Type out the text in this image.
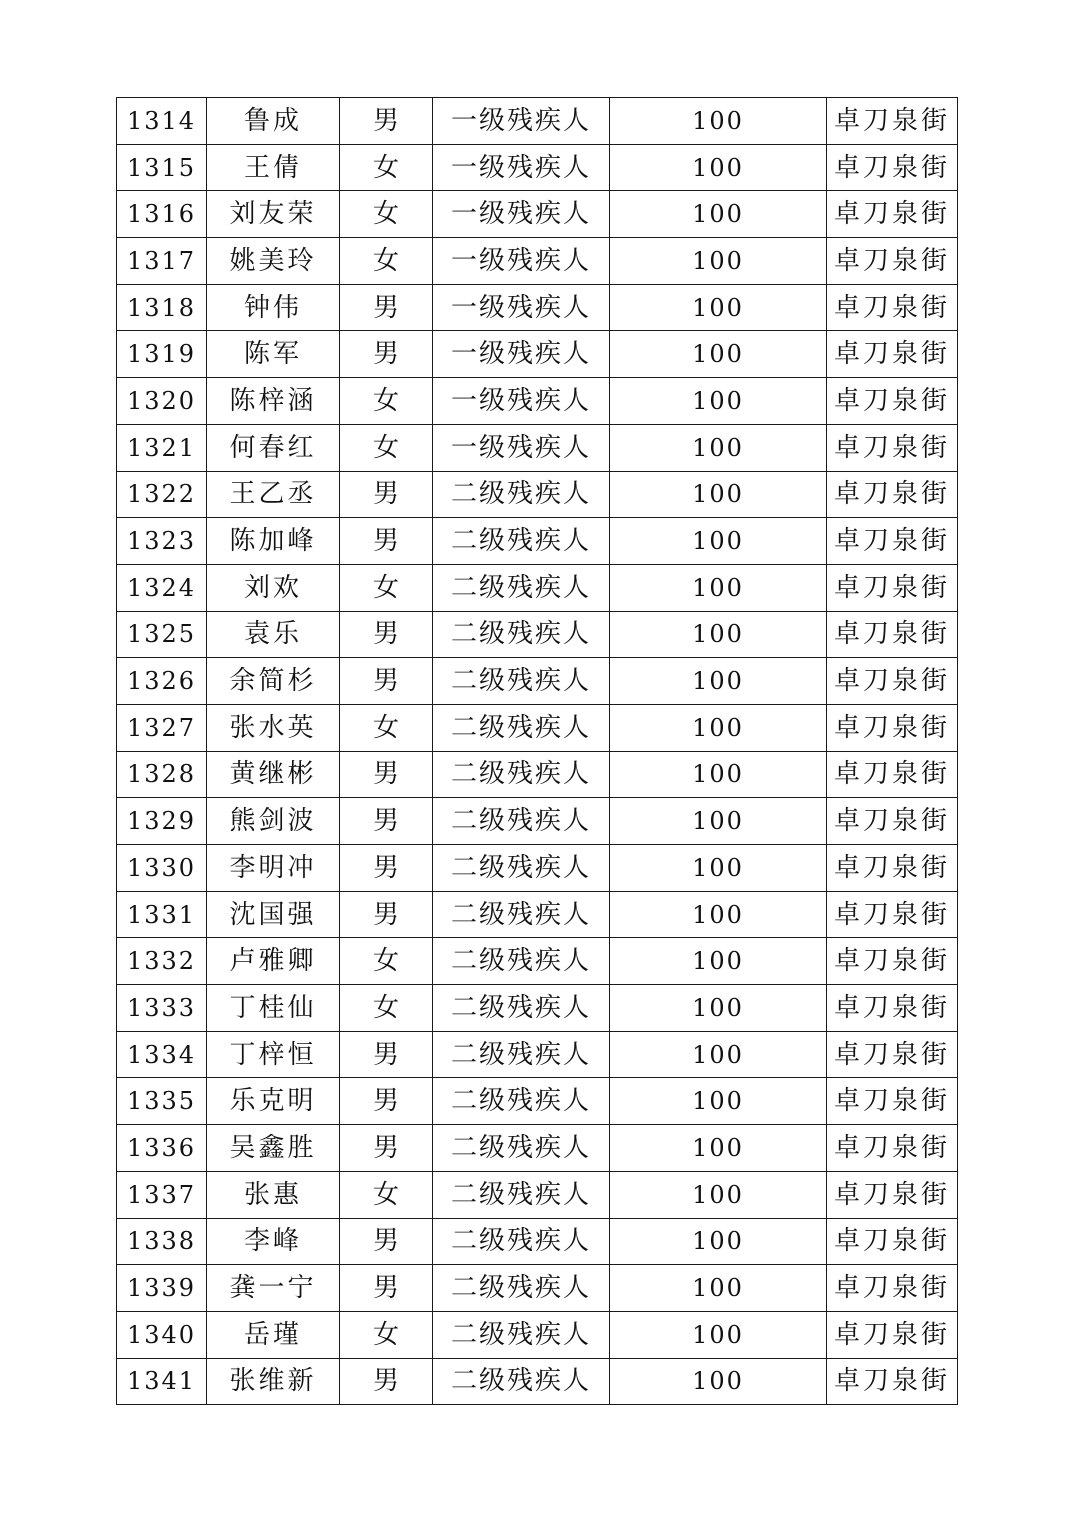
1314	鲁成	男	一级残疾人	100	卓刀泉街
1315	王倩	女	一级残疾人	100	卓刀泉街
1316	刘友荣	女	一级残疾人	100	卓刀泉街
1317	姚美玲	女	一级残疾人	100	卓刀泉街
1318	钟伟	男	一级残疾人	100	卓刀泉街
1319	陈军	男	一级残疾人	100	卓刀泉街
1320	陈梓涵	女	一级残疾人	100	卓刀泉街
1321	何春红	女	一级残疾人	100	卓刀泉街
1322	王乙丞	男	二级残疾人	100	卓刀泉街
1323	陈加峰	男	二级残疾人	100	卓刀泉街
1324	刘欢	女	二级残疾人	100	卓刀泉街
1325	袁乐	男	二级残疾人	100	卓刀泉街
1326	余简杉	男	二级残疾人	100	卓刀泉街
1327	张水英	女	二级残疾人	100	卓刀泉街
1328	黄继彬	男	二级残疾人	100	卓刀泉街
1329	熊剑波	男	二级残疾人	100	卓刀泉街
1330	李明冲	男	二级残疾人	100	卓刀泉街
1331	沈国强	男	二级残疾人	100	卓刀泉街
1332	卢雅卿	女	二级残疾人	100	卓刀泉街
1333	丁桂仙	女	二级残疾人	100	卓刀泉街
1334	丁梓恒	男	二级残疾人	100	卓刀泉街
1335	乐克明	男	二级残疾人	100	卓刀泉街
1336	吴鑫胜	男	二级残疾人	100	卓刀泉街
1337	张惠	女	二级残疾人	100	卓刀泉街
1338	李峰	男	二级残疾人	100	卓刀泉街
1339	龚一宁	男	二级残疾人	100	卓刀泉街
1340	岳瑾	女	二级残疾人	100	卓刀泉街
1341	张维新	男	二级残疾人	100	卓刀泉街
